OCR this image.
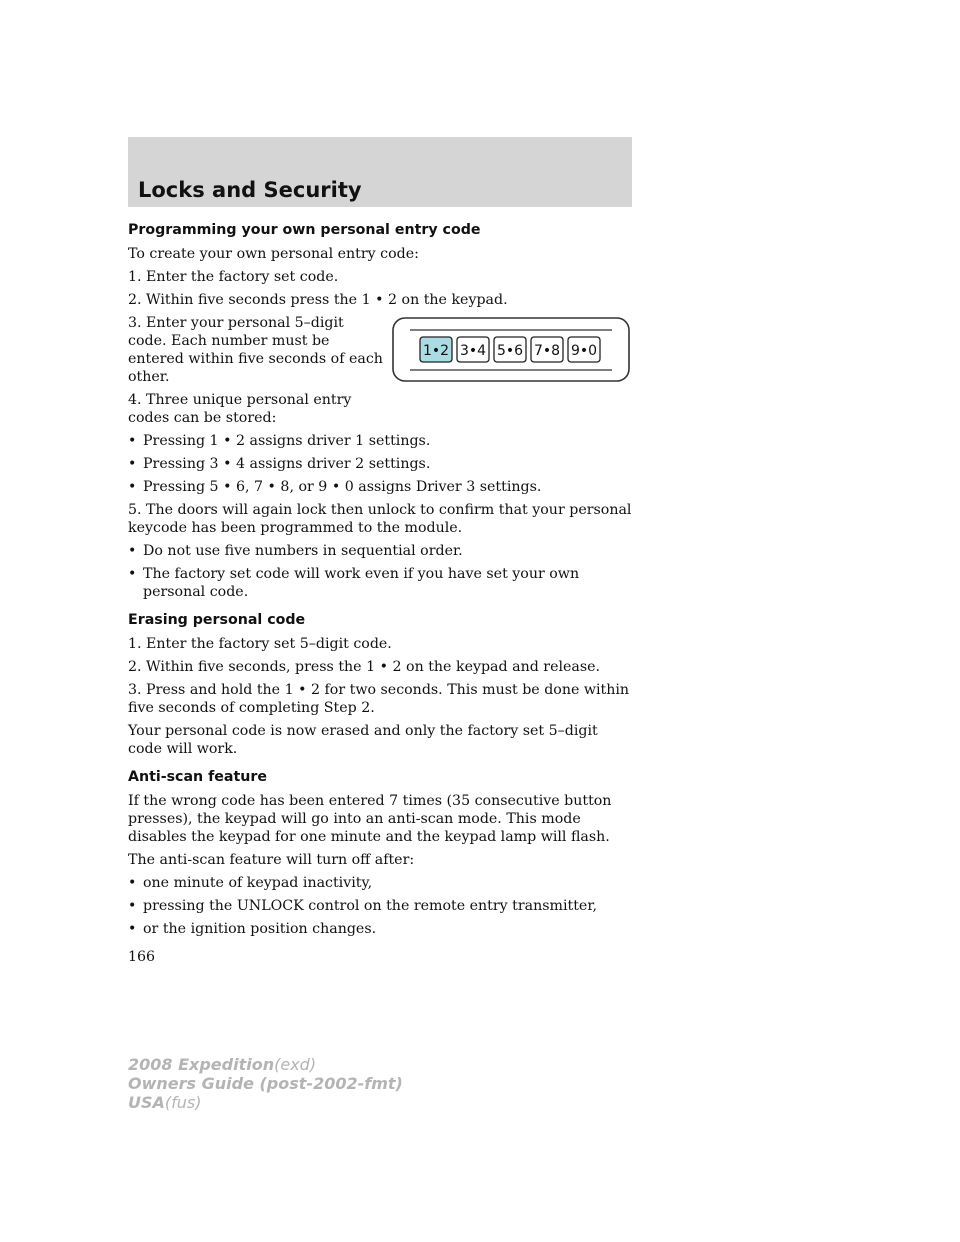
Locks and Security
1•2 3•4 5•6 7•8 9•0
Programming your own personal entry code

To create your own personal entry code:

1. Enter the factory set code.

2. Within five seconds press the 1 • 2 on the keypad.

3. Enter your personal 5–digit code. Each number must be entered within five seconds of each other.

4. Three unique personal entry codes can be stored:

• Pressing 1 • 2 assigns driver 1 settings.

• Pressing 3 • 4 assigns driver 2 settings.

• Pressing 5 • 6, 7 • 8, or 9 • 0 assigns Driver 3 settings.

5. The doors will again lock then unlock to confirm that your personal keycode has been programmed to the module.

• Do not use five numbers in sequential order.

• The factory set code will work even if you have set your own personal code.

Erasing personal code

1. Enter the factory set 5–digit code.

2. Within five seconds, press the 1 • 2 on the keypad and release.

3. Press and hold the 1 • 2 for two seconds. This must be done within five seconds of completing Step 2.

Your personal code is now erased and only the factory set 5–digit code will work.

Anti-scan feature

If the wrong code has been entered 7 times (35 consecutive button presses), the keypad will go into an anti-scan mode. This mode disables the keypad for one minute and the keypad lamp will flash.

The anti-scan feature will turn off after:

• one minute of keypad inactivity,

• pressing the UNLOCK control on the remote entry transmitter,

• or the ignition position changes.

166

2008 Expedition(exd)
Owners Guide (post-2002-fmt)
USA(fus)
